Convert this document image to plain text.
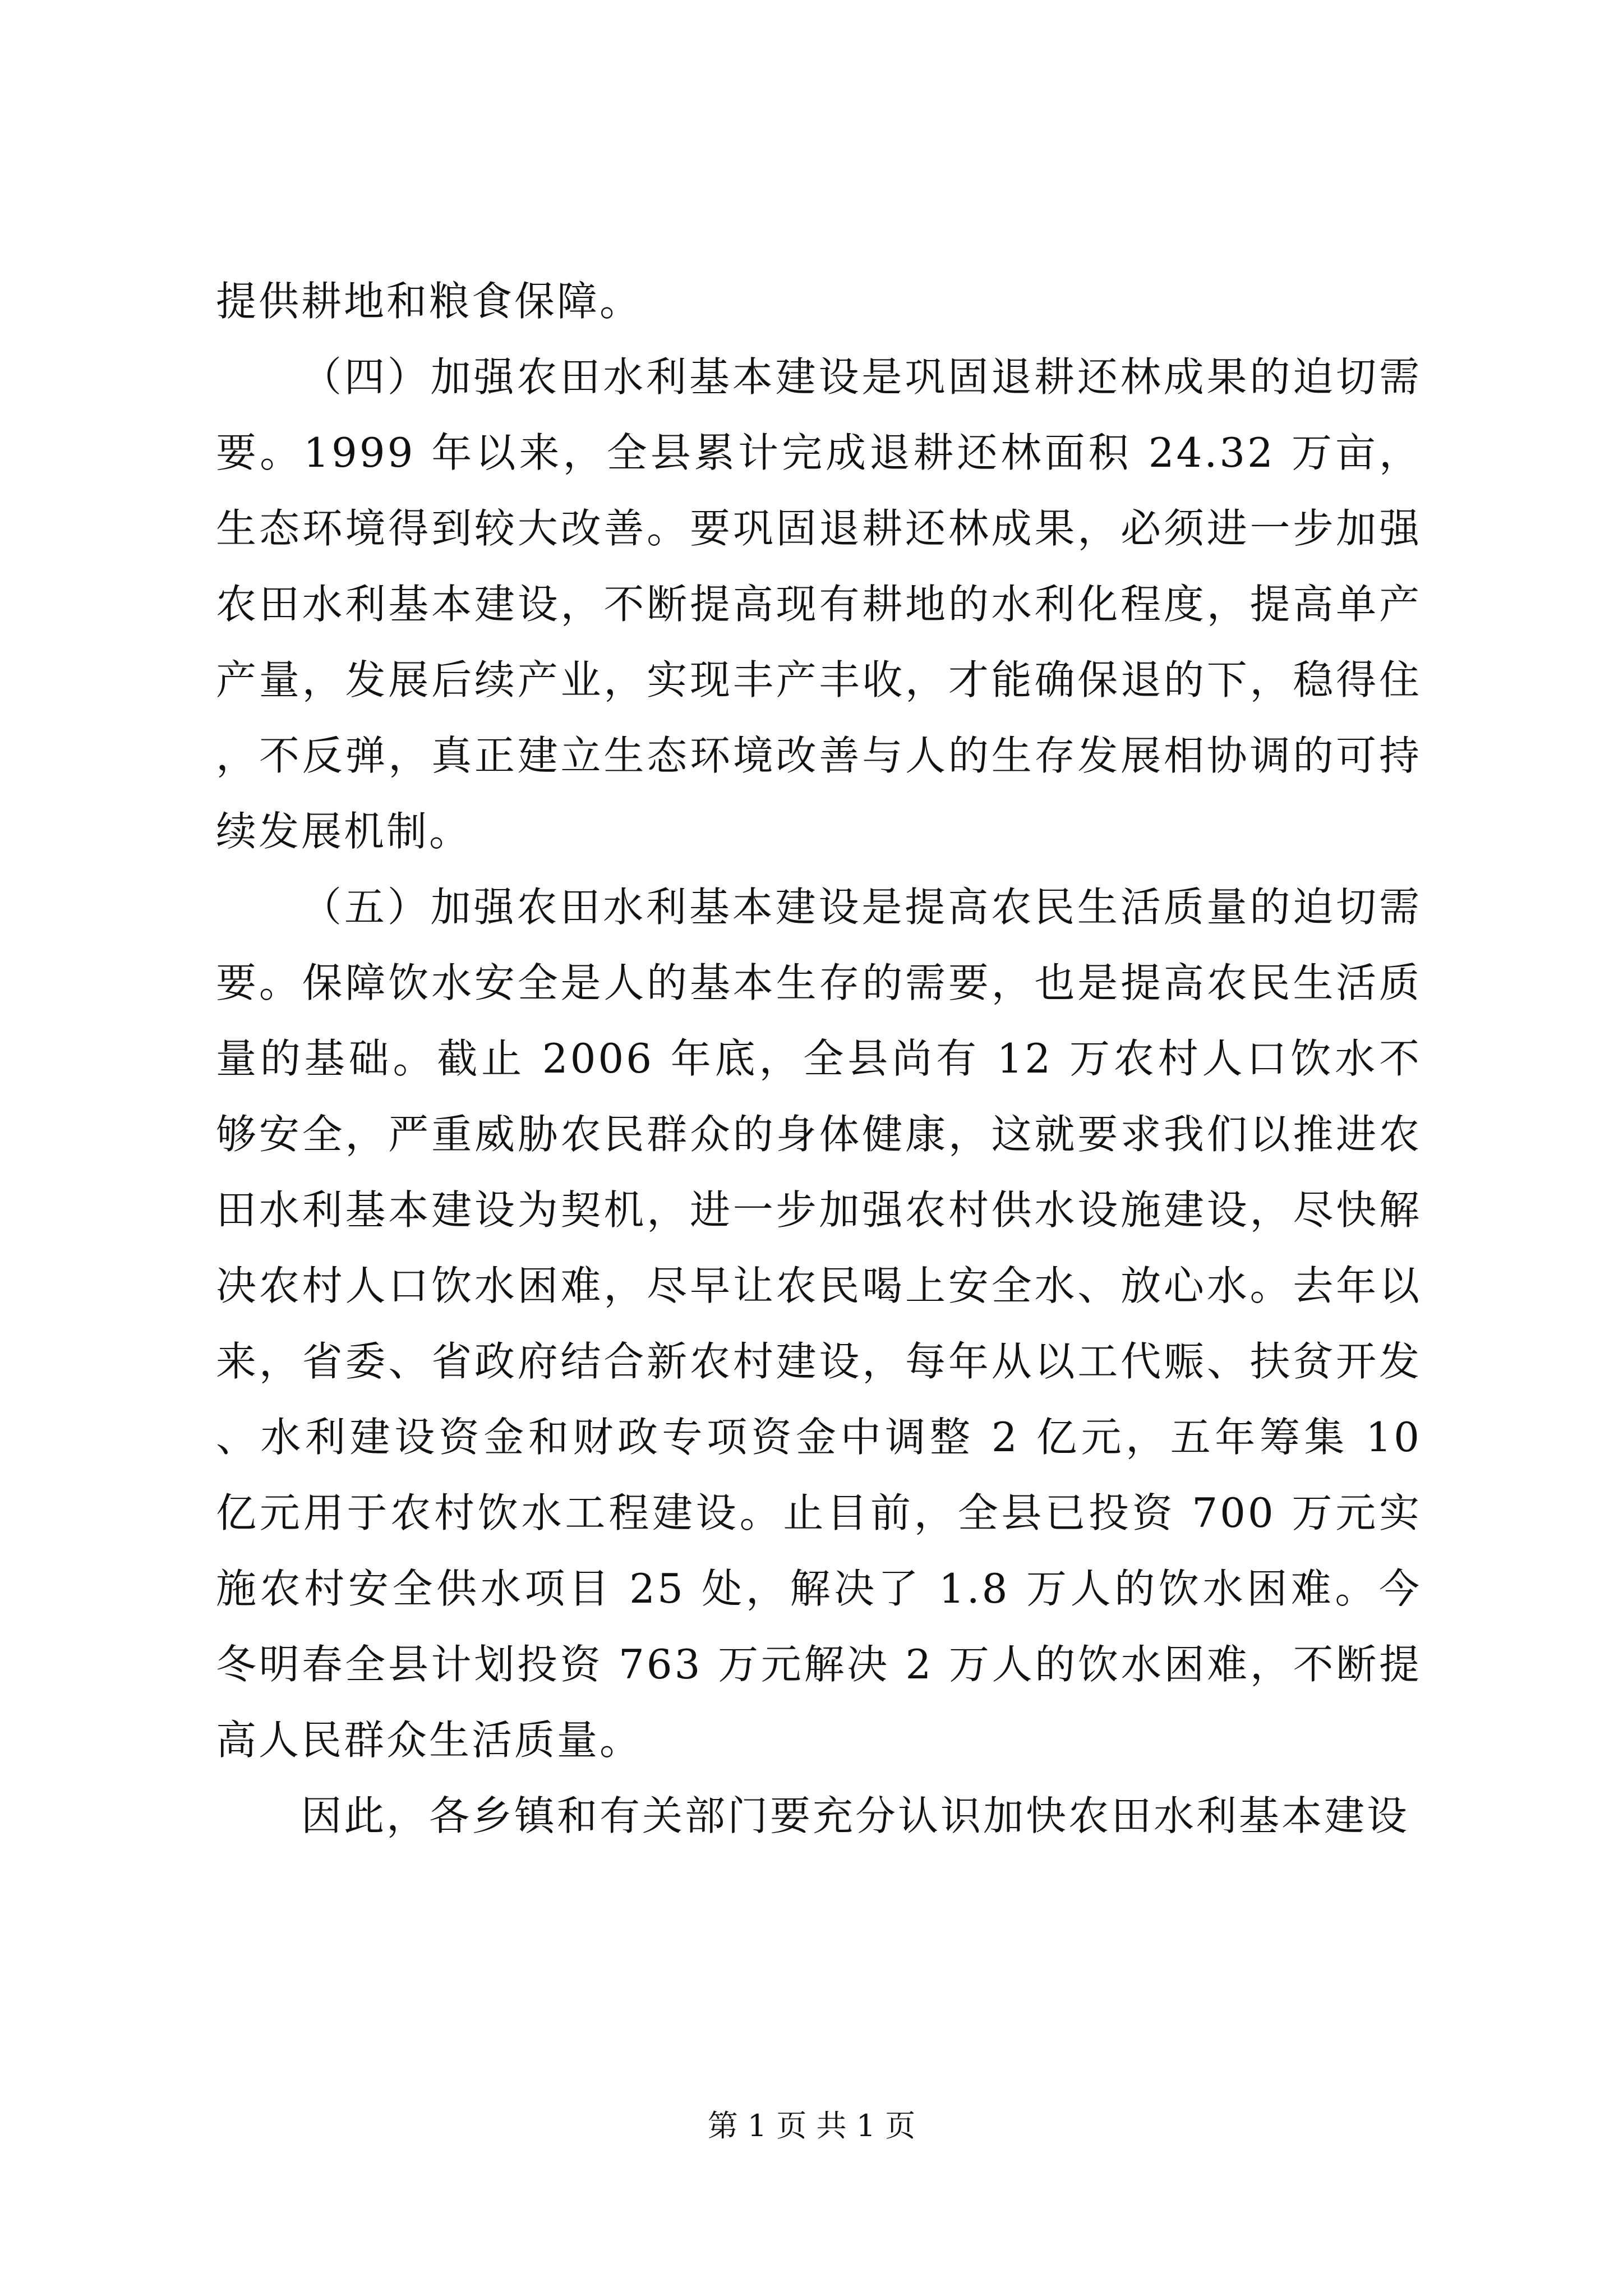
提供耕地和粮食保障。

（四）加强农田水利基本建设是巩固退耕还林成果的迫切需要。1999 年以来，全县累计完成退耕还林面积 24.32 万亩，生态环境得到较大改善。要巩固退耕还林成果，必须进一步加强农田水利基本建设，不断提高现有耕地的水利化程度，提高单产产量，发展后续产业，实现丰产丰收，才能确保退的下，稳得住，不反弹，真正建立生态环境改善与人的生存发展相协调的可持续发展机制。

（五）加强农田水利基本建设是提高农民生活质量的迫切需要。保障饮水安全是人的基本生存的需要，也是提高农民生活质量的基础。截止 2006 年底，全县尚有 12 万农村人口饮水不够安全，严重威胁农民群众的身体健康，这就要求我们以推进农田水利基本建设为契机，进一步加强农村供水设施建设，尽快解决农村人口饮水困难，尽早让农民喝上安全水、放心水。去年以来，省委、省政府结合新农村建设，每年从以工代赈、扶贫开发、水利建设资金和财政专项资金中调整 2 亿元，五年筹集 10 亿元用于农村饮水工程建设。止目前，全县已投资 700 万元实施农村安全供水项目 25 处，解决了 1.8 万人的饮水困难。今冬明春全县计划投资 763 万元解决 2 万人的饮水困难，不断提高人民群众生活质量。

因此，各乡镇和有关部门要充分认识加快农田水利基本建设

第 1 页 共 1 页
